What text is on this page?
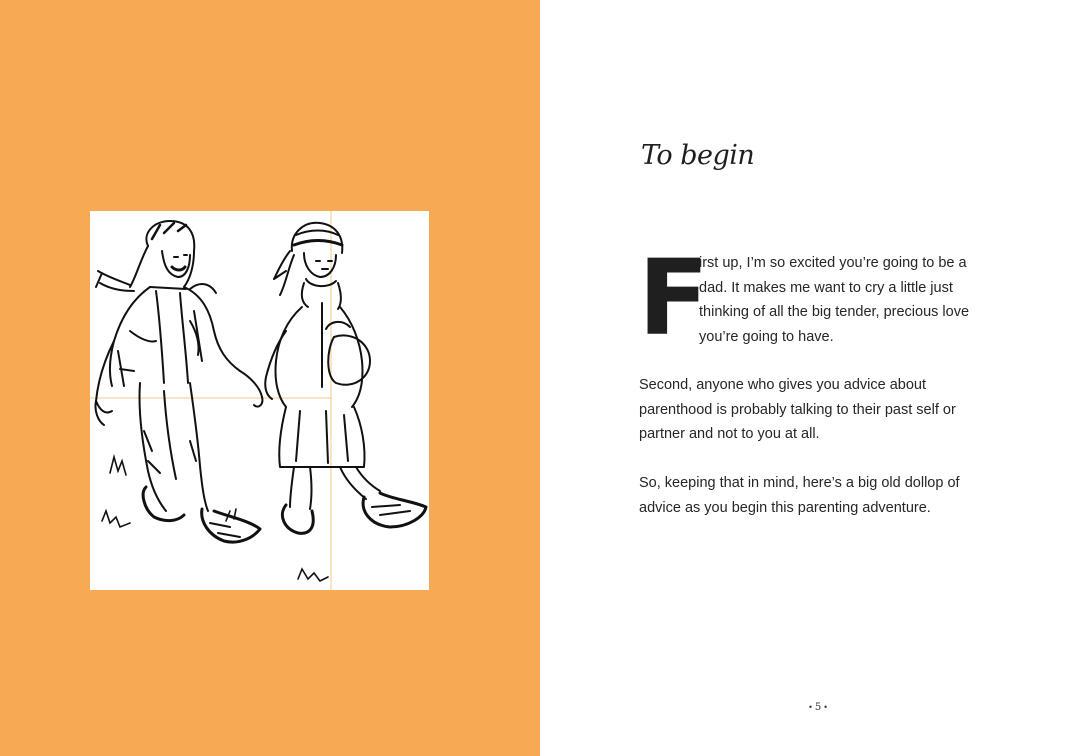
To begin
F

irst up, I’m so excited you’re going to be a
dad. It makes me want to cry a little just
thinking of all the big tender, precious love
you’re going to have.

Second, anyone who gives you advice about
parenthood is probably talking to their past self or
partner and not to you at all.

So, keeping that in mind, here’s a big old dollop of
advice as you begin this parenting adventure.

• 5 •
